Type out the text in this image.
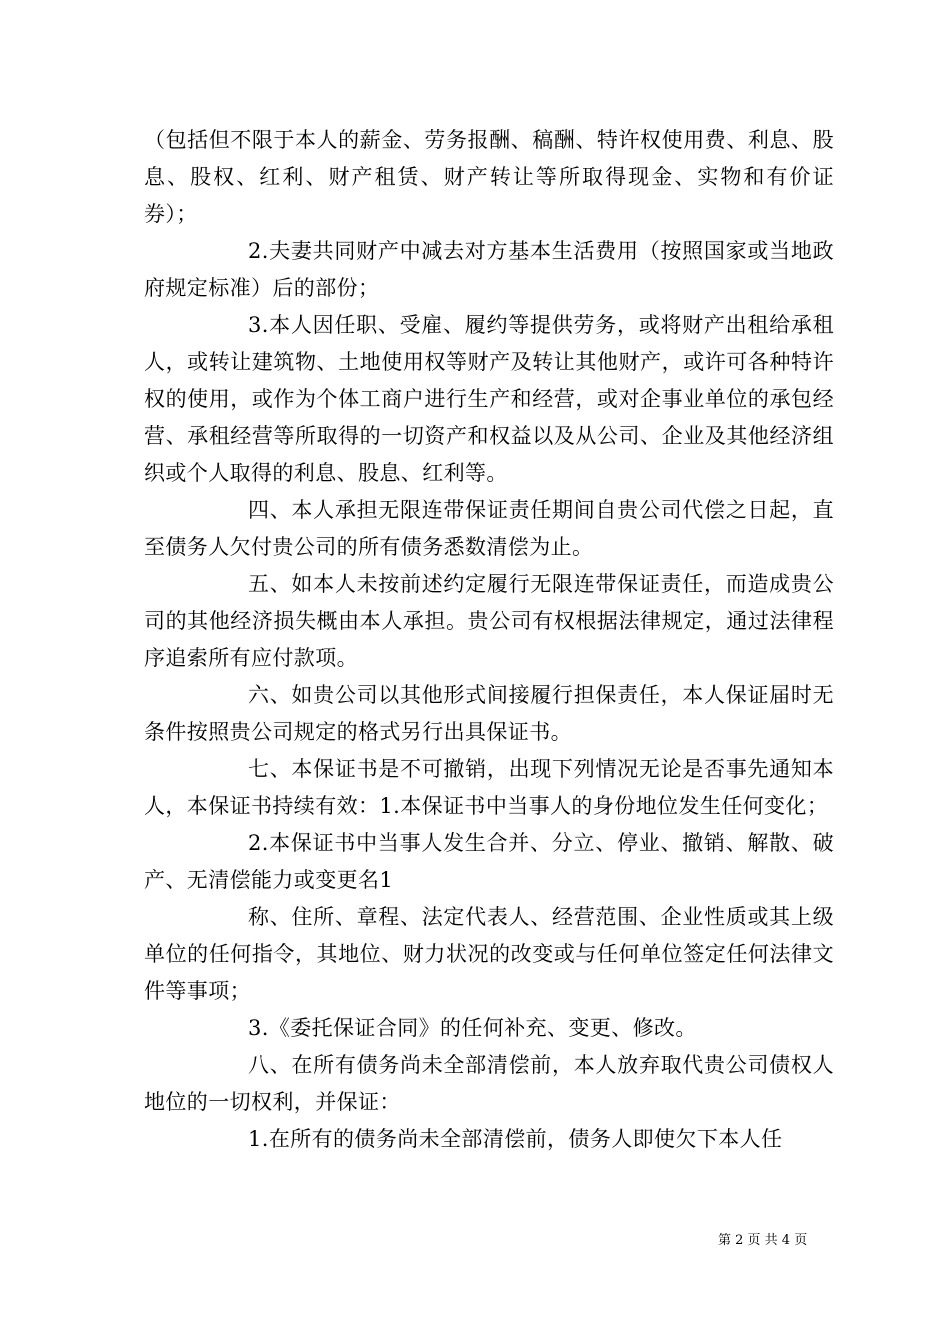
（包括但不限于本人的薪金、劳务报酬、稿酬、特许权使用费、利息、股息、股权、红利、财产租赁、财产转让等所取得现金、实物和有价证券）；

2.夫妻共同财产中减去对方基本生活费用（按照国家或当地政府规定标准）后的部份；

3.本人因任职、受雇、履约等提供劳务，或将财产出租给承租人，或转让建筑物、土地使用权等财产及转让其他财产，或许可各种特许权的使用，或作为个体工商户进行生产和经营，或对企事业单位的承包经营、承租经营等所取得的一切资产和权益以及从公司、企业及其他经济组织或个人取得的利息、股息、红利等。

四、本人承担无限连带保证责任期间自贵公司代偿之日起，直至债务人欠付贵公司的所有债务悉数清偿为止。

五、如本人未按前述约定履行无限连带保证责任，而造成贵公司的其他经济损失概由本人承担。贵公司有权根据法律规定，通过法律程序追索所有应付款项。

六、如贵公司以其他形式间接履行担保责任，本人保证届时无条件按照贵公司规定的格式另行出具保证书。

七、本保证书是不可撤销，出现下列情况无论是否事先通知本人，本保证书持续有效：1.本保证书中当事人的身份地位发生任何变化；

2.本保证书中当事人发生合并、分立、停业、撤销、解散、破产、无清偿能力或变更名1

称、住所、章程、法定代表人、经营范围、企业性质或其上级单位的任何指令，其地位、财力状况的改变或与任何单位签定任何法律文件等事项；

3.《委托保证合同》的任何补充、变更、修改。

八、在所有债务尚未全部清偿前，本人放弃取代贵公司债权人地位的一切权利，并保证：

1.在所有的债务尚未全部清偿前，债务人即使欠下本人任

第 2 页 共 4 页
